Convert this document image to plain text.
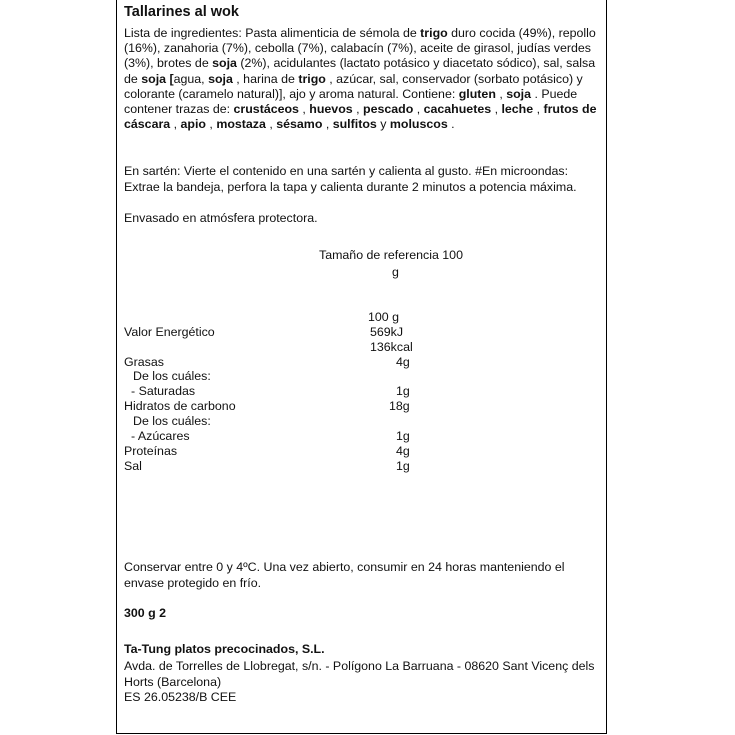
Tallarines al wok
Lista de ingredientes: Pasta alimenticia de sémola de trigo duro cocida (49%), repollo (16%), zanahoria (7%), cebolla (7%), calabacín (7%), aceite de girasol, judías verdes (3%), brotes de soja (2%), acidulantes (lactato potásico y diacetato sódico), sal, salsa de soja [agua, soja , harina de trigo , azúcar, sal, conservador (sorbato potásico) y colorante (caramelo natural)], ajo y aroma natural. Contiene: gluten , soja . Puede contener trazas de: crustáceos , huevos , pescado , cacahuetes , leche , frutos de cáscara , apio , mostaza , sésamo , sulfitos y moluscos .
En sartén: Vierte el contenido en una sartén y calienta al gusto. #En microondas: Extrae la bandeja, perfora la tapa y calienta durante 2 minutos a potencia máxima.
Envasado en atmósfera protectora.
Tamaño de referencia 100
g
100 g
Valor Energético	569kJ
136kcal
Grasas	4g
De los cuáles:
- Saturadas	1g
Hidratos de carbono	18g
De los cuáles:
- Azúcares	1g
Proteínas	4g
Sal	1g
Conservar entre 0 y 4ºC. Una vez abierto, consumir en 24 horas manteniendo el envase protegido en frío.
300 g 2
Ta-Tung platos precocinados, S.L.
Avda. de Torrelles de Llobregat, s/n. - Polígono La Barruana - 08620 Sant Vicenç dels Horts (Barcelona)
ES 26.05238/B CEE
